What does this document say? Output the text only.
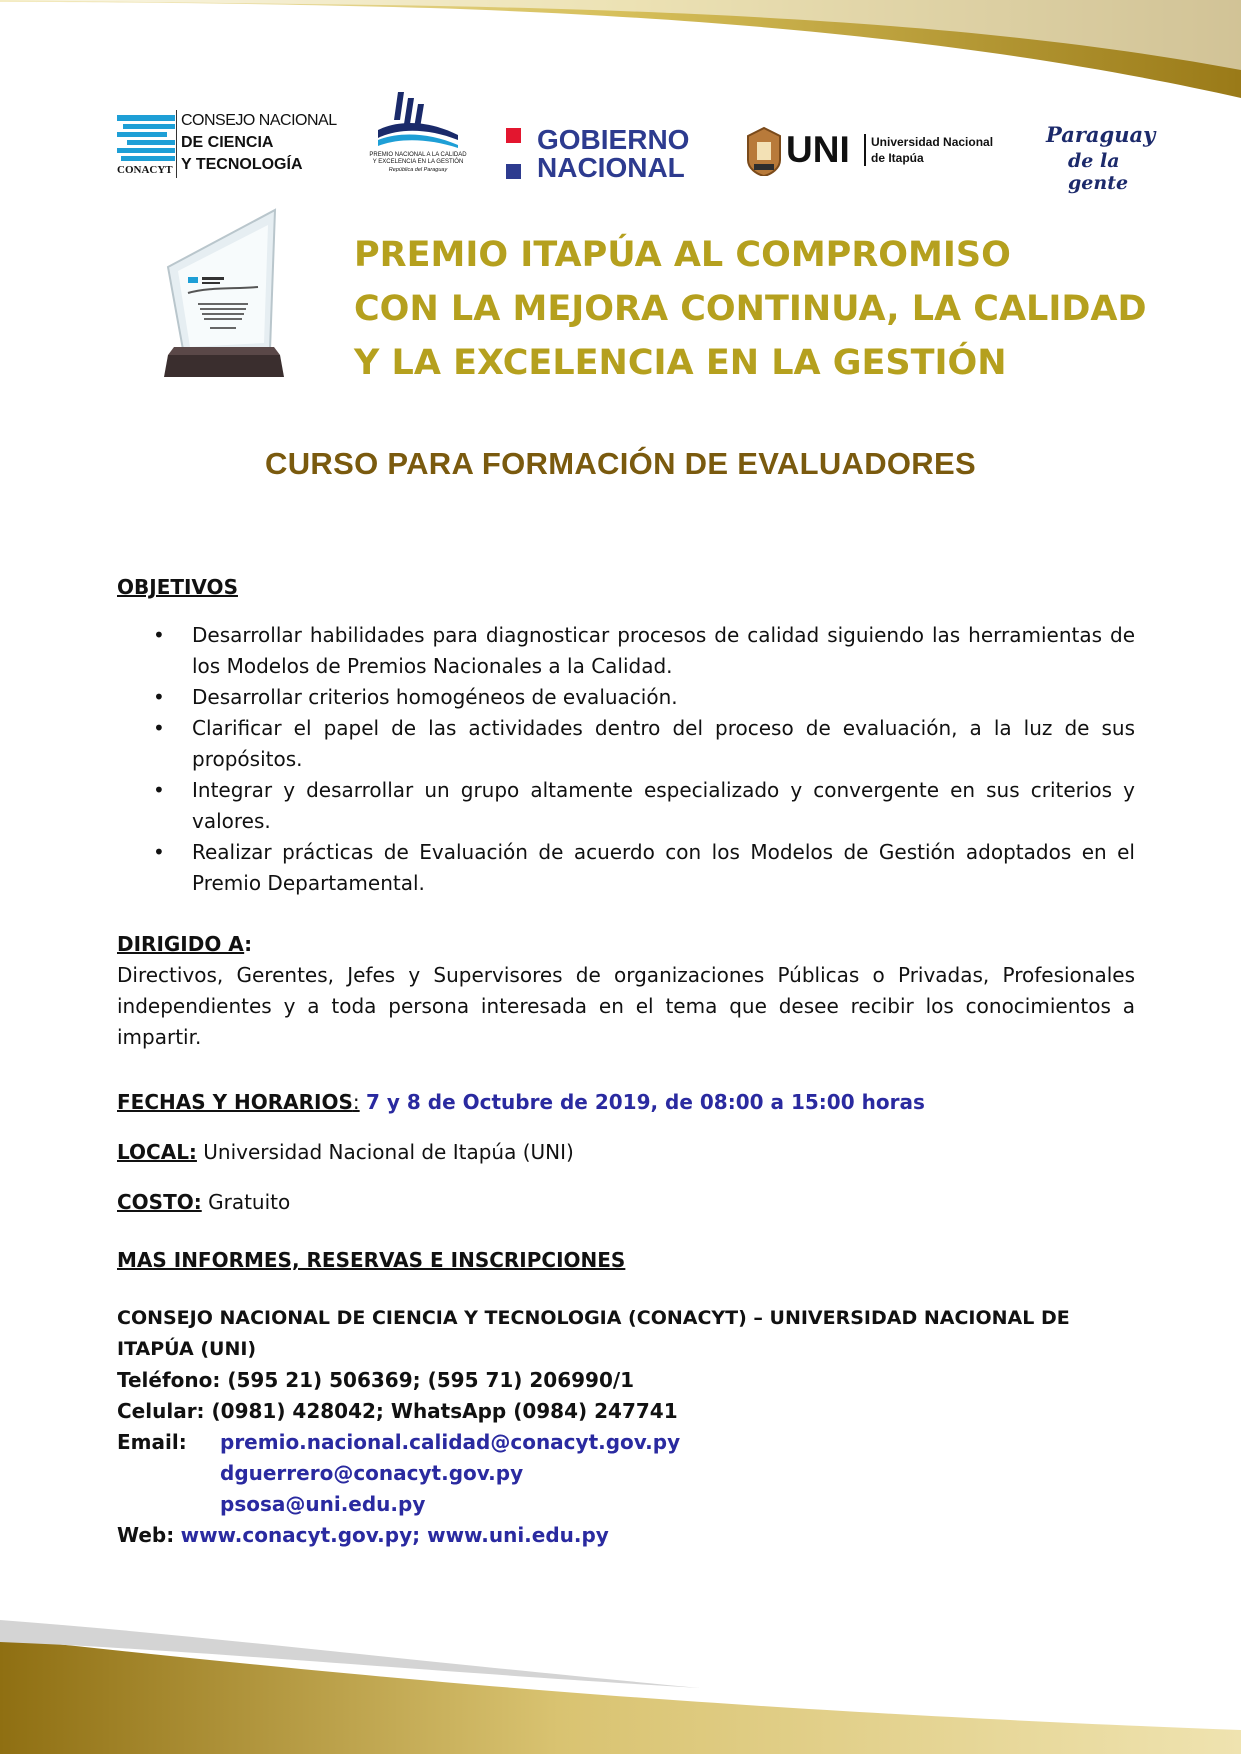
CONACYT
CONSEJO NACIONAL
DE CIENCIA
Y TECNOLOGÍA
PREMIO NACIONAL A LA CALIDAD
Y EXCELENCIA EN LA GESTIÓN
República del Paraguay
GOBIERNO
NACIONAL	UNI Universidad Nacional
de Itapúa
Paraguay
de la gente
PREMIO ITAPÚA AL COMPROMISO
CON LA MEJORA CONTINUA, LA CALIDAD
Y LA EXCELENCIA EN LA GESTIÓN
CURSO PARA FORMACIÓN DE EVALUADORES
OBJETIVOS
• Desarrollar habilidades para diagnosticar procesos de calidad siguiendo las herramientas de los Modelos de Premios Nacionales a la Calidad.
• Desarrollar criterios homogéneos de evaluación.
• Clarificar el papel de las actividades dentro del proceso de evaluación, a la luz de sus propósitos.
• Integrar y desarrollar un grupo altamente especializado y convergente en sus criterios y valores.
• Realizar prácticas de Evaluación de acuerdo con los Modelos de Gestión adoptados en el Premio Departamental.
DIRIGIDO A:
Directivos, Gerentes, Jefes y Supervisores de organizaciones Públicas o Privadas, Profesionales independientes y a toda persona interesada en el tema que desee recibir los conocimientos a impartir.
FECHAS Y HORARIOS: 7 y 8 de Octubre de 2019, de 08:00 a 15:00 horas
LOCAL: Universidad Nacional de Itapúa (UNI)
COSTO: Gratuito
MAS INFORMES, RESERVAS E INSCRIPCIONES
CONSEJO NACIONAL DE CIENCIA Y TECNOLOGIA (CONACYT) – UNIVERSIDAD NACIONAL DE ITAPÚA (UNI)
Teléfono: (595 21) 506369; (595 71) 206990/1
Celular: (0981) 428042; WhatsApp (0984) 247741
Email: premio.nacional.calidad@conacyt.gov.py
dguerrero@conacyt.gov.py
psosa@uni.edu.py
Web: www.conacyt.gov.py; www.uni.edu.py
